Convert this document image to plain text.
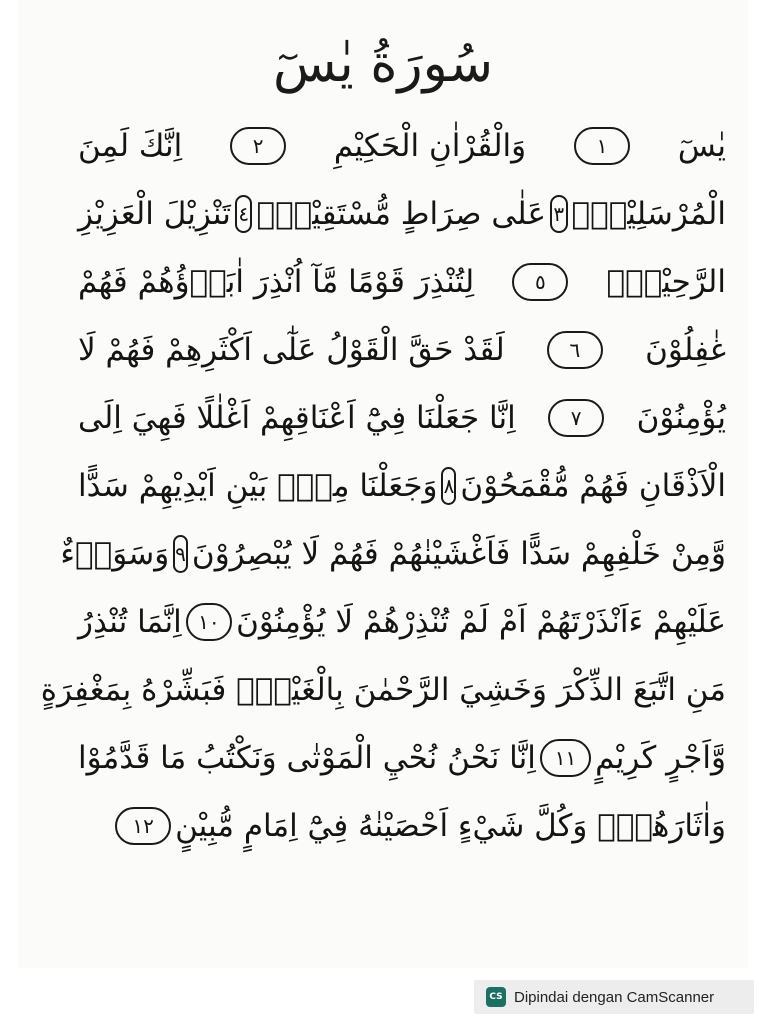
سُورَةُ يٰسٓ
يٰسٓ
١
وَالْقُرْاٰنِ الْحَكِيْمِ
٢
اِنَّكَ لَمِنَ
الْمُرْسَلِيْنَۙ
٣
عَلٰى صِرَاطٍ مُّسْتَقِيْمٍۗ
٤
تَنْزِيْلَ الْعَزِيْزِ
الرَّحِيْمِۙ
٥
لِتُنْذِرَ قَوْمًا مَّآ اُنْذِرَ اٰبَاۤؤُهُمْ فَهُمْ
غٰفِلُوْنَ
٦
لَقَدْ حَقَّ الْقَوْلُ عَلٰٓى اَكْثَرِهِمْ فَهُمْ لَا
يُؤْمِنُوْنَ
٧
اِنَّا جَعَلْنَا فِيْٓ اَعْنَاقِهِمْ اَغْلٰلًا فَهِيَ اِلَى
الْاَذْقَانِ فَهُمْ مُّقْمَحُوْنَ
٨
وَجَعَلْنَا مِنْۢ بَيْنِ اَيْدِيْهِمْ سَدًّا
وَّمِنْ خَلْفِهِمْ سَدًّا فَاَغْشَيْنٰهُمْ فَهُمْ لَا يُبْصِرُوْنَ
٩
وَسَوَاۤءٌ
عَلَيْهِمْ ءَاَنْذَرْتَهُمْ اَمْ لَمْ تُنْذِرْهُمْ لَا يُؤْمِنُوْنَ
١٠
اِنَّمَا تُنْذِرُ
مَنِ اتَّبَعَ الذِّكْرَ وَخَشِيَ الرَّحْمٰنَ بِالْغَيْبِۚ فَبَشِّرْهُ بِمَغْفِرَةٍ
وَّاَجْرٍ كَرِيْمٍ
١١
اِنَّا نَحْنُ نُحْيِ الْمَوْتٰى وَنَكْتُبُ مَا قَدَّمُوْا
وَاٰثَارَهُمْۗ وَكُلَّ شَيْءٍ اَحْصَيْنٰهُ فِيْٓ اِمَامٍ مُّبِيْنٍ
١٢
CS Dipindai dengan CamScanner
